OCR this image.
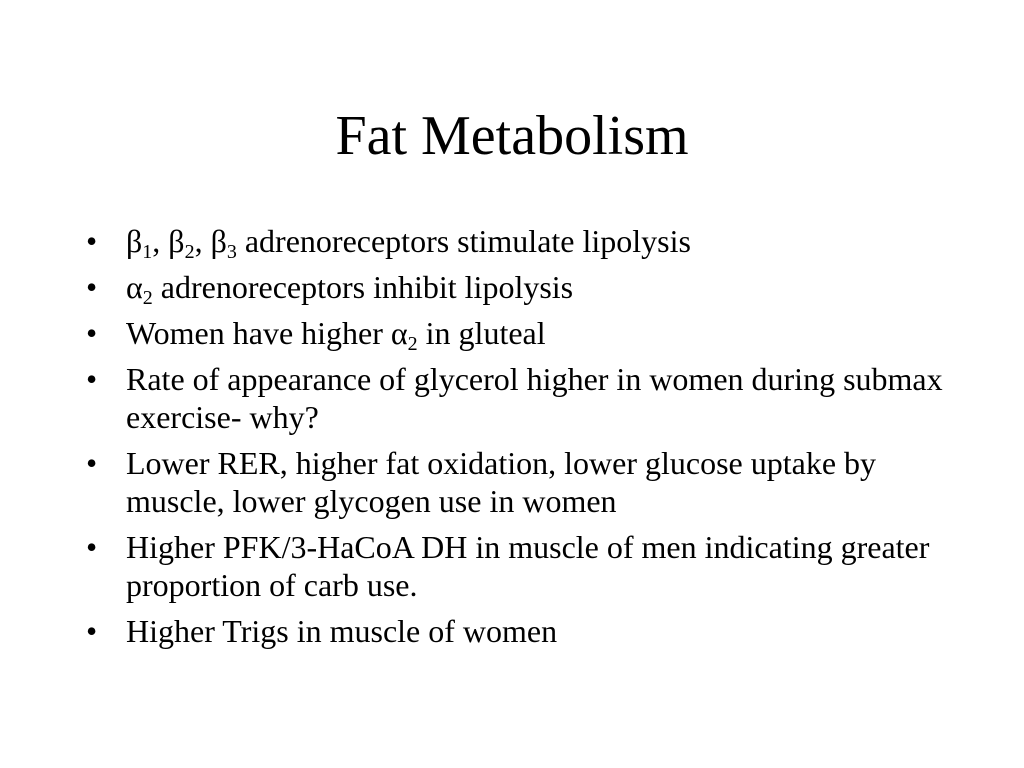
Fat Metabolism
• $\beta_1$, $\beta_2$, $\beta_3$ adrenoreceptors stimulate lipolysis
• $\alpha_2$ adrenoreceptors inhibit lipolysis
• Women have higher $\alpha_2$ in gluteal
• Rate of appearance of glycerol higher in women during submax exercise- why?
• Lower RER, higher fat oxidation, lower glucose uptake by muscle, lower glycogen use in women
• Higher PFK/3-HaCoA DH in muscle of men indicating greater proportion of carb use.
• Higher Trigs in muscle of women
